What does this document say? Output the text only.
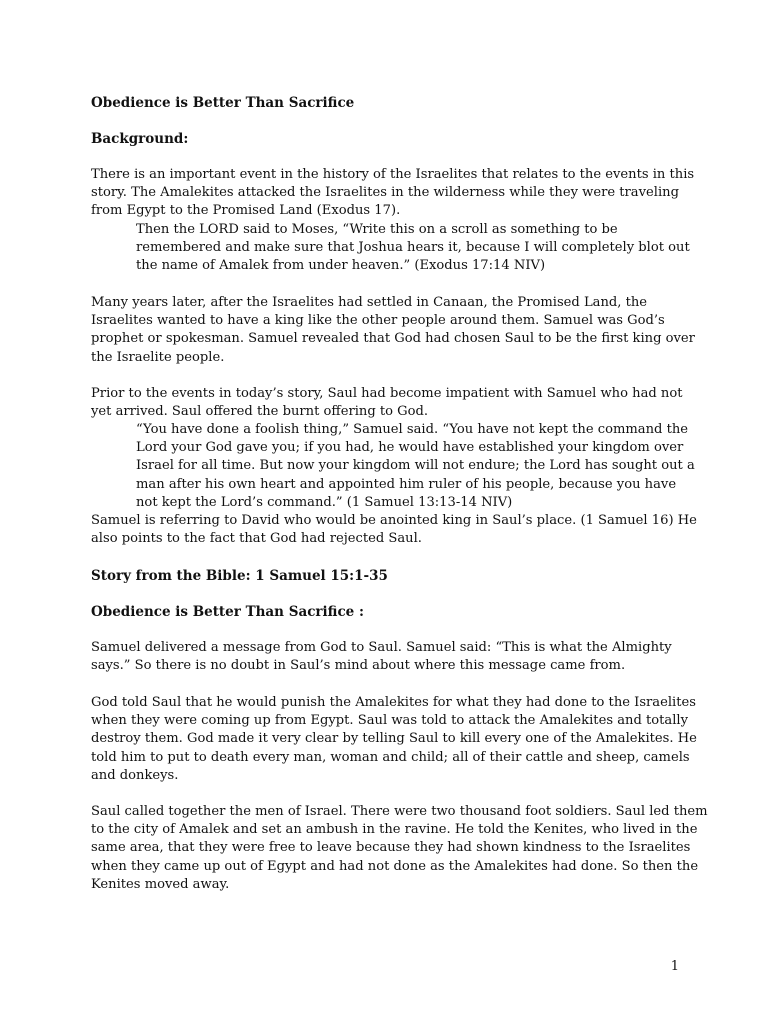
Obedience is Better Than Sacrifice
Background:
There is an important event in the history of the Israelites that relates to the events in this
story. The Amalekites attacked the Israelites in the wilderness while they were traveling
from Egypt to the Promised Land (Exodus 17).
Then the LORD said to Moses, “Write this on a scroll as something to be
remembered and make sure that Joshua hears it, because I will completely blot out
the name of Amalek from under heaven.” (Exodus 17:14 NIV)
Many years later, after the Israelites had settled in Canaan, the Promised Land, the
Israelites wanted to have a king like the other people around them. Samuel was God’s
prophet or spokesman. Samuel revealed that God had chosen Saul to be the first king over
the Israelite people.
Prior to the events in today’s story, Saul had become impatient with Samuel who had not
yet arrived. Saul offered the burnt offering to God.
“You have done a foolish thing,” Samuel said. “You have not kept the command the
Lord your God gave you; if you had, he would have established your kingdom over
Israel for all time. But now your kingdom will not endure; the Lord has sought out a
man after his own heart and appointed him ruler of his people, because you have
not kept the Lord’s command.” (1 Samuel 13:13-14 NIV)
Samuel is referring to David who would be anointed king in Saul’s place. (1 Samuel 16) He
also points to the fact that God had rejected Saul.
Story from the Bible: 1 Samuel 15:1-35
Obedience is Better Than Sacrifice :
Samuel delivered a message from God to Saul. Samuel said: “This is what the Almighty
says.” So there is no doubt in Saul’s mind about where this message came from.
God told Saul that he would punish the Amalekites for what they had done to the Israelites
when they were coming up from Egypt. Saul was told to attack the Amalekites and totally
destroy them. God made it very clear by telling Saul to kill every one of the Amalekites. He
told him to put to death every man, woman and child; all of their cattle and sheep, camels
and donkeys.
Saul called together the men of Israel. There were two thousand foot soldiers. Saul led them
to the city of Amalek and set an ambush in the ravine. He told the Kenites, who lived in the
same area, that they were free to leave because they had shown kindness to the Israelites
when they came up out of Egypt and had not done as the Amalekites had done. So then the
Kenites moved away.
1
